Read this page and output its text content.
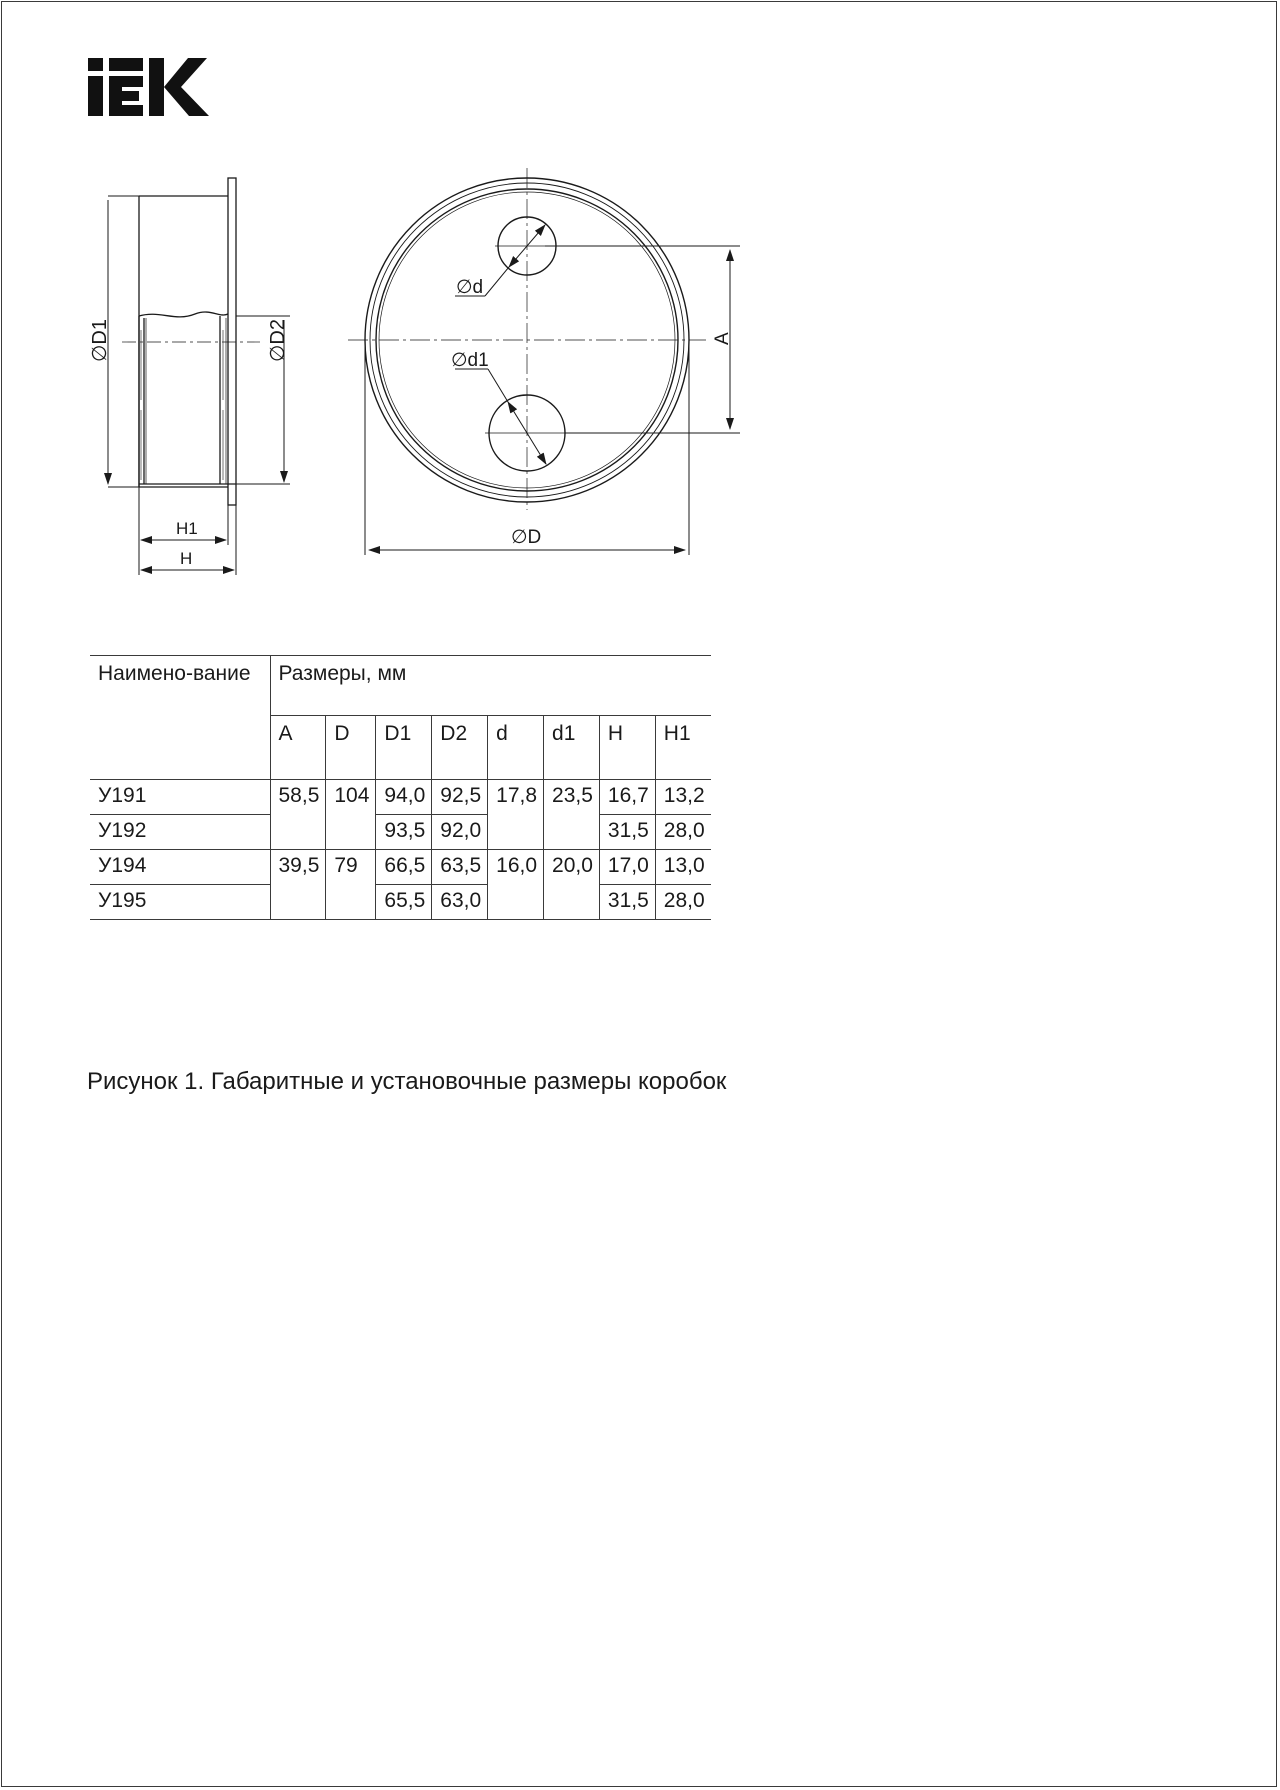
∅D1	∅D2
H1
H
∅d
∅d1
A
∅D
Наимено-вание	Размеры, мм							
	A	D	D1	D2	d	d1	H	H1
У191	58,5	104	94,0	92,5	17,8	23,5	16,7	13,2
У192			93,5	92,0			31,5	28,0
У194	39,5	79	66,5	63,5	16,0	20,0	17,0	13,0
У195			65,5	63,0			31,5	28,0
Рисунок 1. Габаритные и установочные размеры коробок
